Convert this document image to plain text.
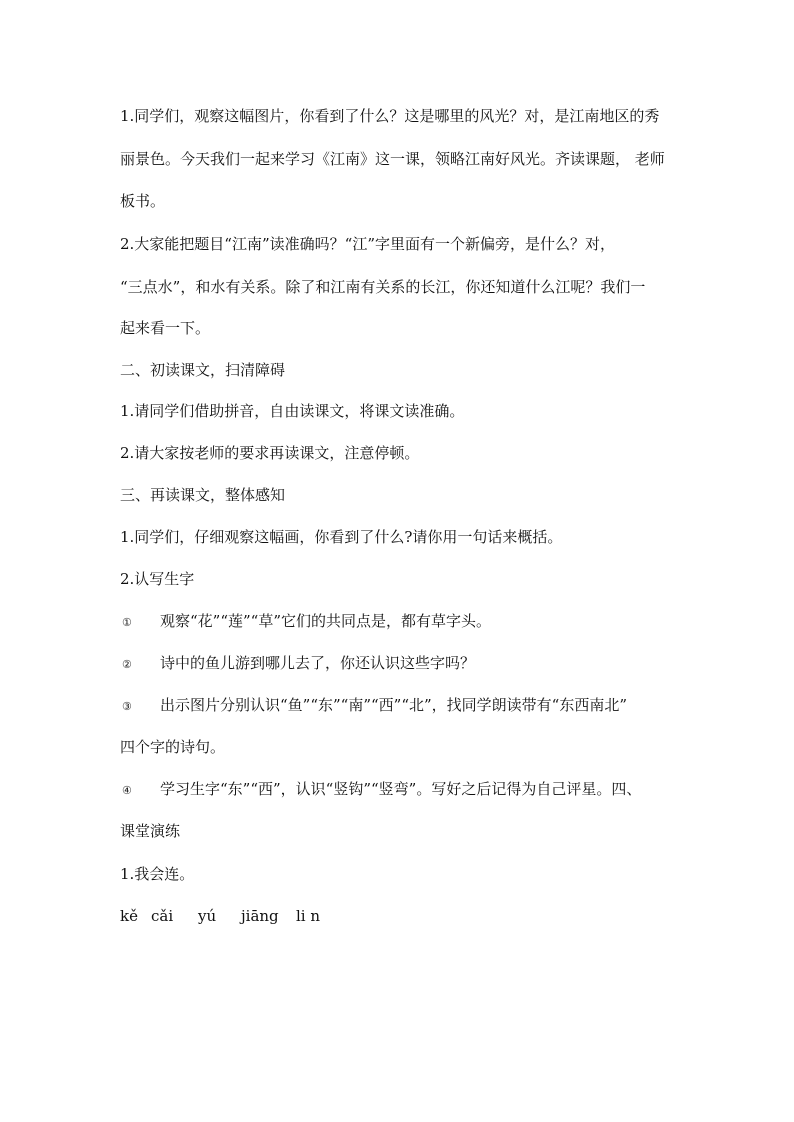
1.同学们，观察这幅图片，你看到了什么？这是哪里的风光？对，是江南地区的秀
丽景色。今天我们一起来学习《江南》这一课，领略江南好风光。齐读课题， 老师
板书。
2.大家能把题目“江南”读准确吗？“江”字里面有一个新偏旁，是什么？对，
“三点水”，和水有关系。除了和江南有关系的长江，你还知道什么江呢？我们一
起来看一下。
二、初读课文，扫清障碍
1.请同学们借助拼音，自由读课文，将课文读准确。
2.请大家按老师的要求再读课文，注意停顿。
三、再读课文，整体感知
1.同学们，仔细观察这幅画，你看到了什么?请你用一句话来概括。
2.认写生字
① 观察“花”“莲”“草”它们的共同点是，都有草字头。
② 诗中的鱼儿游到哪儿去了，你还认识这些字吗？
③ 出示图片分别认识“鱼”“东”“南”“西”“北”，找同学朗读带有“东西南北”
四个字的诗句。
④ 学习生字“东”“西”，认识“竖钩”“竖弯”。写好之后记得为自己评星。四、
课堂演练
1.我会连。
kě cǎi yú jiāng li n
